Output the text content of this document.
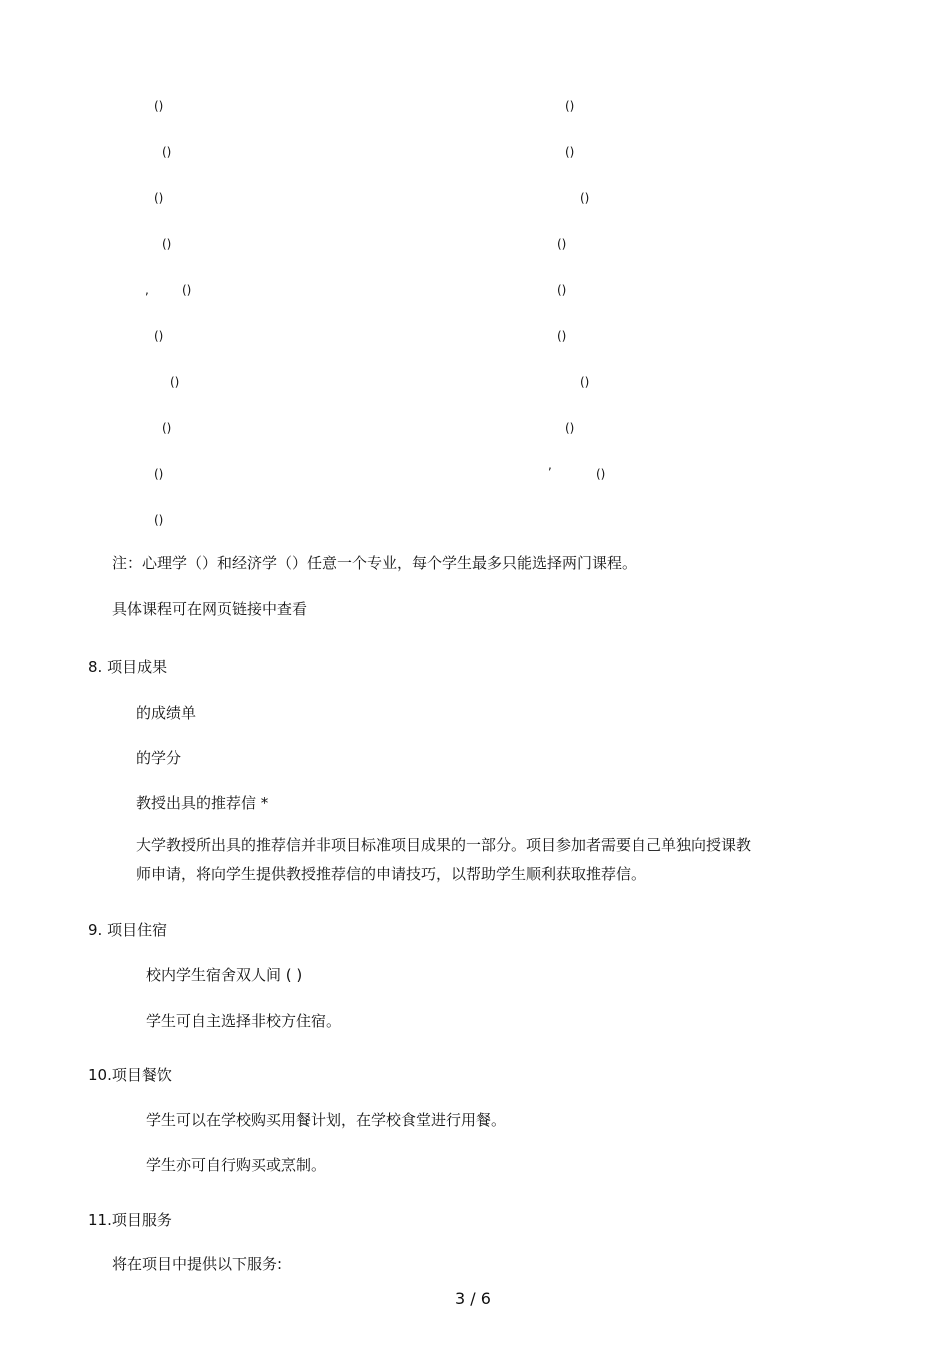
()
()
()
()
,	()
()
()
()
()
()
()
()
()
()
()
()
()
()
,
()
注：心理学（）和经济学（）任意一个专业，每个学生最多只能选择两门课程。
具体课程可在网页链接中查看
8. 项目成果
的成绩单
的学分
教授出具的推荐信 *
大学教授所出具的推荐信并非项目标准项目成果的一部分。项目参加者需要自己单独向授课教
师申请，将向学生提供教授推荐信的申请技巧，以帮助学生顺利获取推荐信。
9. 项目住宿
校内学生宿舍双人间 ( )
学生可自主选择非校方住宿。
10.项目餐饮
学生可以在学校购买用餐计划，在学校食堂进行用餐。
学生亦可自行购买或烹制。
11.项目服务
将在项目中提供以下服务:
3 / 6
